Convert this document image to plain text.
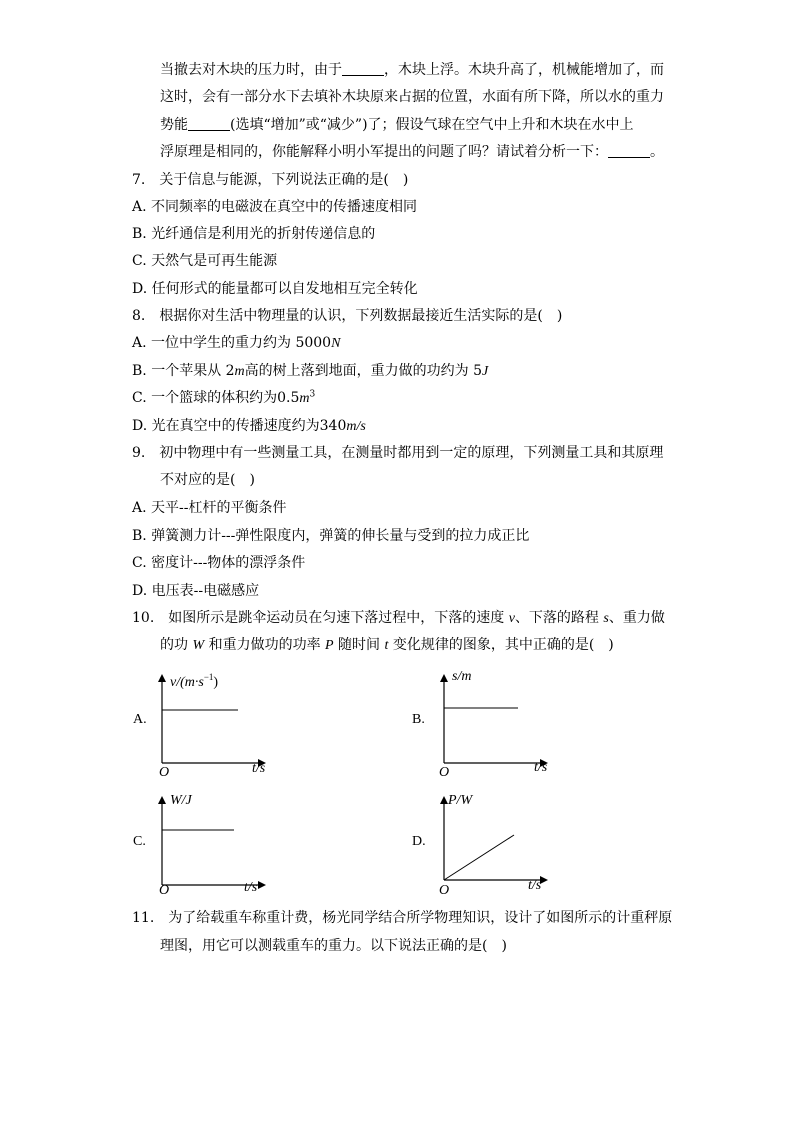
当撤去对木块的压力时，由于	，木块上浮。木块升高了，机械能增加了，而
这时，会有一部分水下去填补木块原来占据的位置，水面有所下降，所以水的重力
势能	(选填“增加”或“减少”)了；假设气球在空气中上升和木块在水中上
浮原理是相同的，你能解释小明小军提出的问题了吗？请试着分析一下：	。
7.　关于信息与能源，下列说法正确的是(　)
A. 不同频率的电磁波在真空中的传播速度相同
B. 光纤通信是利用光的折射传递信息的
C. 天然气是可再生能源
D. 任何形式的能量都可以自发地相互完全转化
8.　根据你对生活中物理量的认识，下列数据最接近生活实际的是(　)
A. 一位中学生的重力约为 5000N
B. 一个苹果从 2m高的树上落到地面，重力做的功约为 5J
C. 一个篮球的体积约为$0.5m^3$
D. 光在真空中的传播速度约为340m/s
9.　初中物理中有一些测量工具，在测量时都用到一定的原理，下列测量工具和其原理
不对应的是(　)
A. 天平--杠杆的平衡条件
B. 弹簧测力计---弹性限度内，弹簧的伸长量与受到的拉力成正比
C. 密度计---物体的漂浮条件
D. 电压表--电磁感应
10.　如图所示是跳伞运动员在匀速下落过程中，下落的速度 v、下落的路程 s、重力做
的功 W 和重力做功的功率 P 随时间 t 变化规律的图象，其中正确的是(　)
A.	B.
C.	D.
$v/(m\cdot s^{-1})$
t/s
O
s/m
t/s
O
W/J
t/s
O
P/W
t/s
O
11.　为了给载重车称重计费，杨光同学结合所学物理知识，设计了如图所示的计重秤原
理图，用它可以测载重车的重力。以下说法正确的是(　)
